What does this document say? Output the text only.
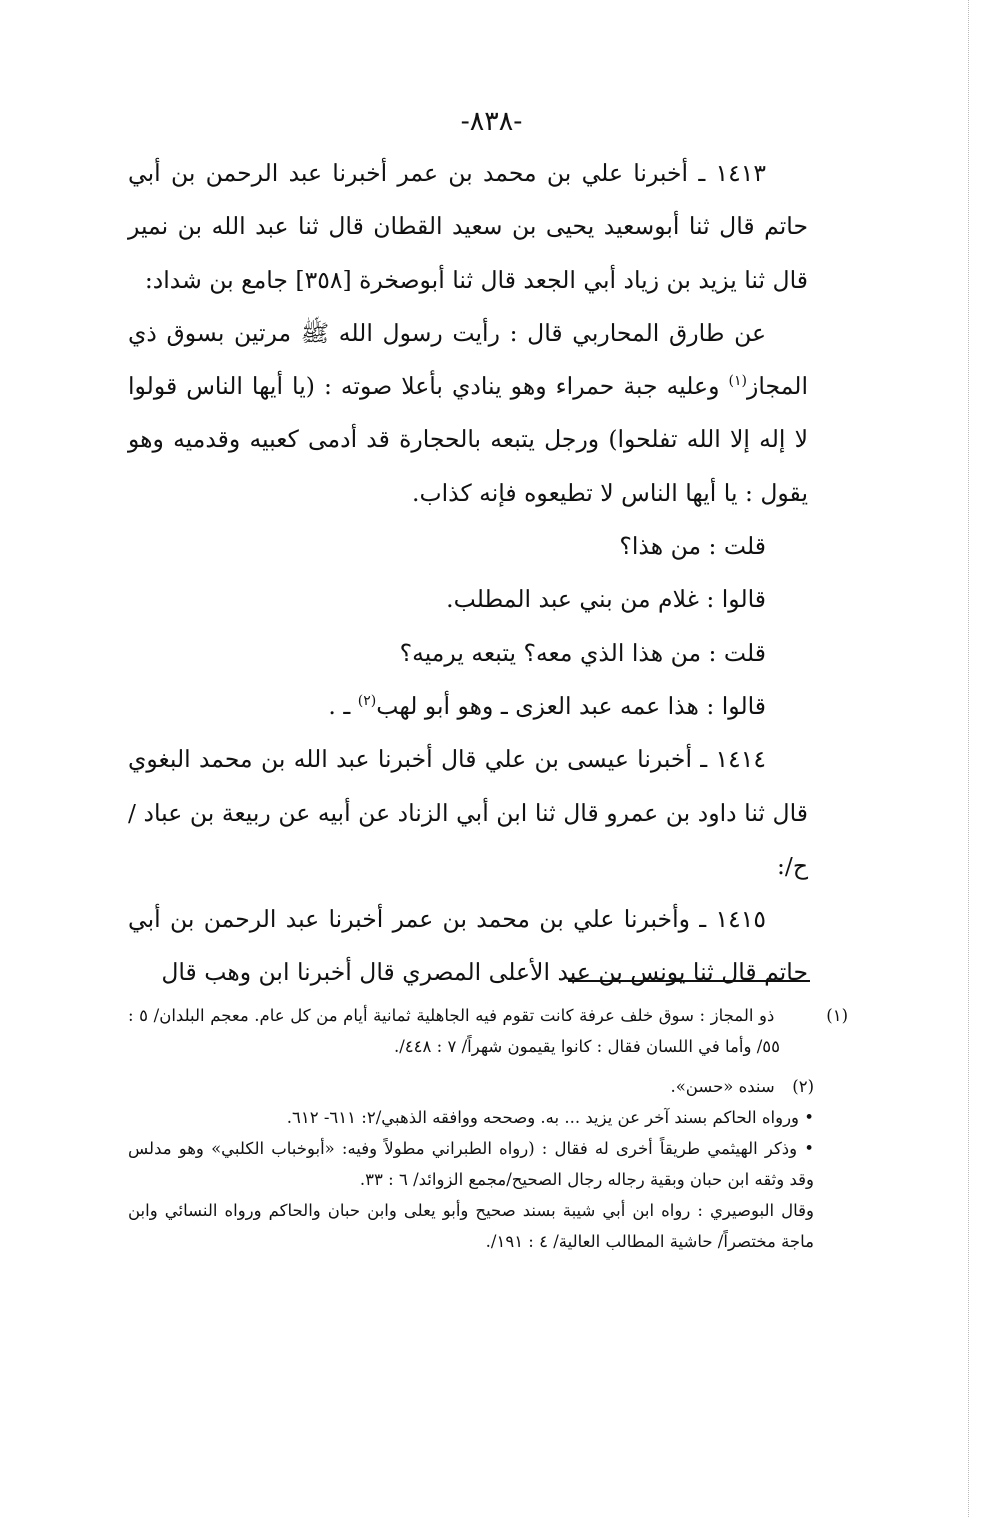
-٨٣٨-

١٤١٣ ـ أخبرنا علي بن محمد بن عمر أخبرنا عبد الرحمن بن أبي حاتم قال ثنا أبوسعيد يحيى بن سعيد القطان قال ثنا عبد الله بن نمير قال ثنا يزيد بن زياد أبي الجعد قال ثنا أبوصخرة [٣٥٨] جامع بن شداد:

عن طارق المحاربي قال : رأيت رسول الله ﷺ مرتين بسوق ذي المجاز$^{(١)}$ وعليه جبة حمراء وهو ينادي بأعلا صوته : (يا أيها الناس قولوا لا إله إلا الله تفلحوا) ورجل يتبعه بالحجارة قد أدمى كعبيه وقدميه وهو يقول : يا أيها الناس لا تطيعوه فإنه كذاب.

قلت : من هذا؟

قالوا : غلام من بني عبد المطلب.

قلت : من هذا الذي معه؟ يتبعه يرميه؟

قالوا : هذا عمه عبد العزى ـ وهو أبو لهب$^{(٢)}$ ـ .

١٤١٤ ـ أخبرنا عيسى بن علي قال أخبرنا عبد الله بن محمد البغوي قال ثنا داود بن عمرو قال ثنا ابن أبي الزناد عن أبيه عن ربيعة بن عباد /ح/:

١٤١٥ ـ وأخبرنا علي بن محمد بن عمر أخبرنا عبد الرحمن بن أبي حاتم قال ثنا يونس بن عبد الأعلى المصري قال أخبرنا ابن وهب قال

(١) ذو المجاز : سوق خلف عرفة كانت تقوم فيه الجاهلية ثمانية أيام من كل عام. معجم البلدان/ ٥ : ٥٥/ وأما في اللسان فقال : كانوا يقيمون شهراً/ ٧ : ٤٤٨/.

(٢) سنده «حسن».

• ورواه الحاكم بسند آخر عن يزيد ... به. وصححه ووافقه الذهبي/٢: ٦١١- ٦١٢.

• وذكر الهيثمي طريقاً أخرى له فقال : (رواه الطبراني مطولاً وفيه: «أبوخباب الكلبي» وهو مدلس وقد وثقه ابن حبان وبقية رجاله رجال الصحيح/مجمع الزوائد/ ٦ : ٣٣.

وقال البوصيري : رواه ابن أبي شيبة بسند صحيح وأبو يعلى وابن حبان والحاكم ورواه النسائي وابن ماجة مختصراً/ حاشية المطالب العالية/ ٤ : ١٩١/.
